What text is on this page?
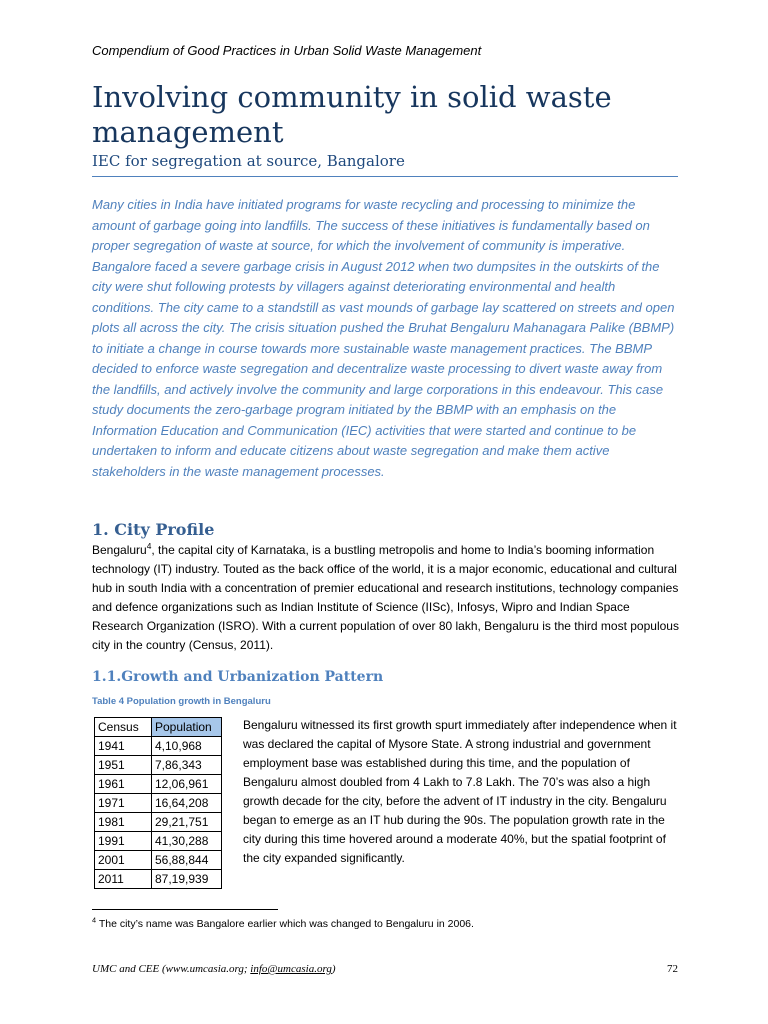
Compendium of Good Practices in Urban Solid Waste Management
Involving community in solid waste management
IEC for segregation at source, Bangalore

Many cities in India have initiated programs for waste recycling and processing to minimize the amount of garbage going into landfills. The success of these initiatives is fundamentally based on proper segregation of waste at source, for which the involvement of community is imperative. Bangalore faced a severe garbage crisis in August 2012 when two dumpsites in the outskirts of the city were shut following protests by villagers against deteriorating environmental and health conditions. The city came to a standstill as vast mounds of garbage lay scattered on streets and open plots all across the city. The crisis situation pushed the Bruhat Bengaluru Mahanagara Palike (BBMP) to initiate a change in course towards more sustainable waste management practices. The BBMP decided to enforce waste segregation and decentralize waste processing to divert waste away from the landfills, and actively involve the community and large corporations in this endeavour. This case study documents the zero-garbage program initiated by the BBMP with an emphasis on the Information Education and Communication (IEC) activities that were started and continue to be undertaken to inform and educate citizens about waste segregation and make them active stakeholders in the waste management processes.

1. City Profile

Bengaluru$^4$, the capital city of Karnataka, is a bustling metropolis and home to India’s booming information technology (IT) industry. Touted as the back office of the world, it is a major economic, educational and cultural hub in south India with a concentration of premier educational and research institutions, technology companies and defence organizations such as Indian Institute of Science (IISc), Infosys, Wipro and Indian Space Research Organization (ISRO). With a current population of over 80 lakh, Bengaluru is the third most populous city in the country (Census, 2011).

1.1.Growth and Urbanization Pattern
Table 4 Population growth in Bengaluru
Census	Population
1941	4,10,968
1951	7,86,343
1961	12,06,961
1971	16,64,208
1981	29,21,751
1991	41,30,288
2001	56,88,844
2011	87,19,939

Bengaluru witnessed its first growth spurt immediately after independence when it was declared the capital of Mysore State. A strong industrial and government employment base was established during this time, and the population of Bengaluru almost doubled from 4 Lakh to 7.8 Lakh. The 70’s was also a high growth decade for the city, before the advent of IT industry in the city. Bengaluru began to emerge as an IT hub during the 90s. The population growth rate in the city during this time hovered around a moderate 40%, but the spatial footprint of the city expanded significantly.

$^4$ The city’s name was Bangalore earlier which was changed to Bengaluru in 2006.
UMC and CEE (www.umcasia.org; info@umcasia.org)	72
